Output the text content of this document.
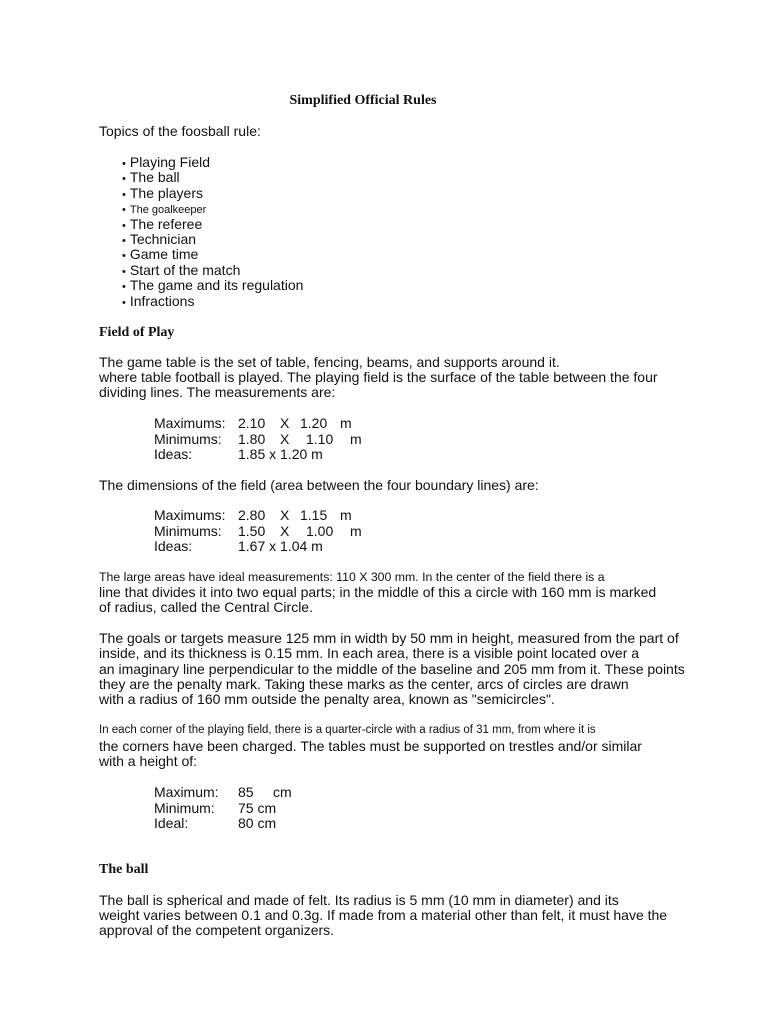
Simplified Official Rules
Topics of the foosball rule:
• Playing Field
• The ball
• The players
• The goalkeeper
• The referee
• Technician
• Game time
• Start of the match
• The game and its regulation
• Infractions
Field of Play
The game table is the set of table, fencing, beams, and supports around it.
where table football is played. The playing field is the surface of the table between the four
dividing lines. The measurements are:
Maximums:	2.10	X	1.20	m
Minimums:	1.80	X	1.10	m
Ideas:	1.85 x 1.20 m			
The dimensions of the field (area between the four boundary lines) are:
Maximums:	2.80	X	1.15	m
Minimums:	1.50	X	1.00	m
Ideas:	1.67 x 1.04 m			
The large areas have ideal measurements: 110 X 300 mm. In the center of the field there is a
line that divides it into two equal parts; in the middle of this a circle with 160 mm is marked
of radius, called the Central Circle.
The goals or targets measure 125 mm in width by 50 mm in height, measured from the part of
inside, and its thickness is 0.15 mm. In each area, there is a visible point located over a
an imaginary line perpendicular to the middle of the baseline and 205 mm from it. These points
they are the penalty mark. Taking these marks as the center, arcs of circles are drawn
with a radius of 160 mm outside the penalty area, known as "semicircles".
In each corner of the playing field, there is a quarter-circle with a radius of 31 mm, from where it is
the corners have been charged. The tables must be supported on trestles and/or similar
with a height of:
Maximum:	85	cm
Minimum:	75 cm	
Ideal:	80 cm	
The ball
The ball is spherical and made of felt. Its radius is 5 mm (10 mm in diameter) and its
weight varies between 0.1 and 0.3g. If made from a material other than felt, it must have the
approval of the competent organizers.
